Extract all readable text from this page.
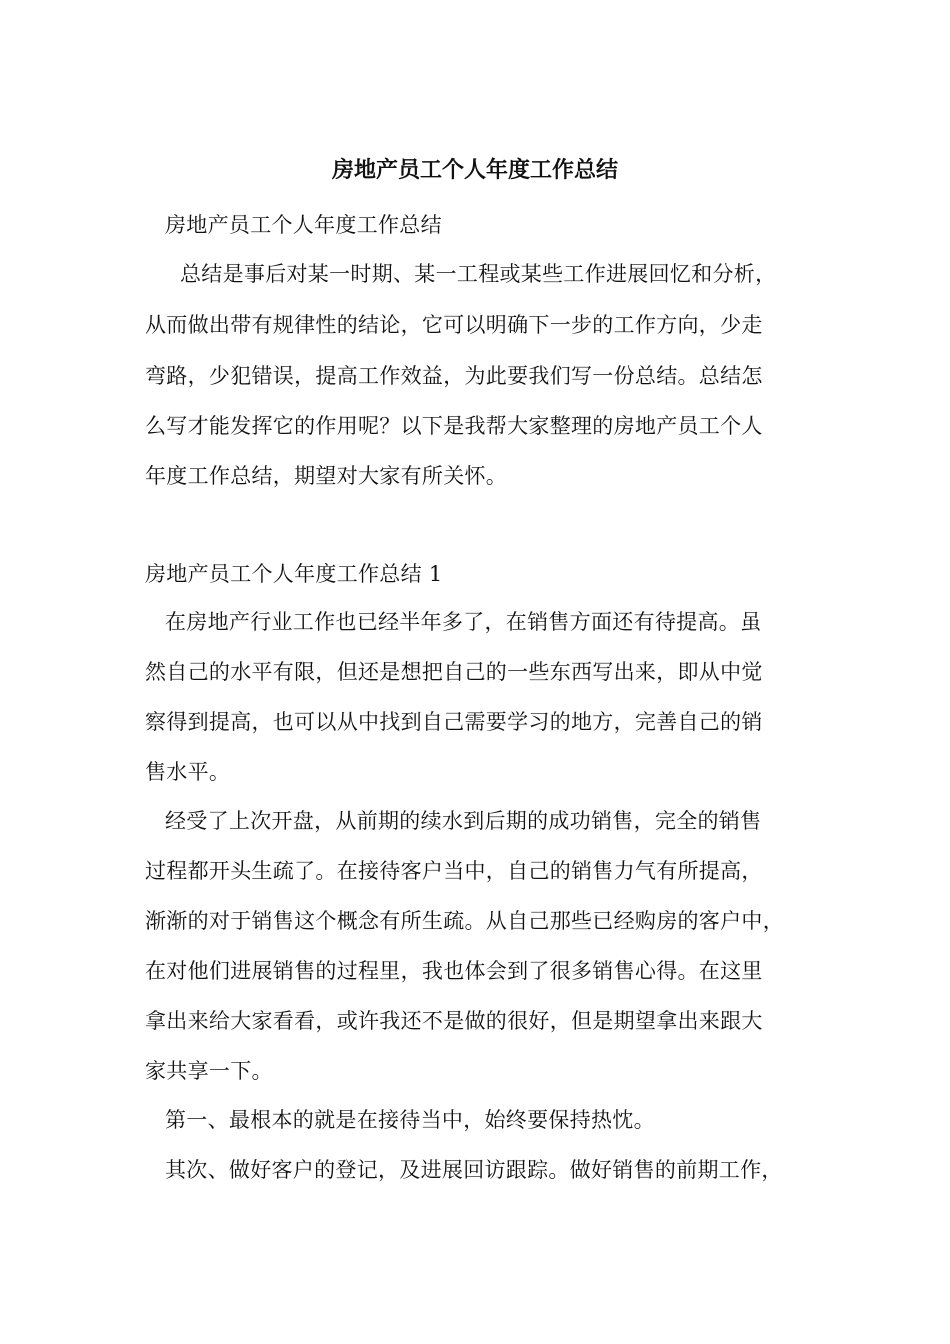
房地产员工个人年度工作总结
房地产员工个人年度工作总结
总结是事后对某一时期、某一工程或某些工作进展回忆和分析，
从而做出带有规律性的结论，它可以明确下一步的工作方向，少走
弯路，少犯错误，提高工作效益，为此要我们写一份总结。总结怎
么写才能发挥它的作用呢？以下是我帮大家整理的房地产员工个人
年度工作总结，期望对大家有所关怀。
房地产员工个人年度工作总结 1
在房地产行业工作也已经半年多了，在销售方面还有待提高。虽
然自己的水平有限，但还是想把自己的一些东西写出来，即从中觉
察得到提高，也可以从中找到自己需要学习的地方，完善自己的销
售水平。
经受了上次开盘，从前期的续水到后期的成功销售，完全的销售
过程都开头生疏了。在接待客户当中，自己的销售力气有所提高，
渐渐的对于销售这个概念有所生疏。从自己那些已经购房的客户中，
在对他们进展销售的过程里，我也体会到了很多销售心得。在这里
拿出来给大家看看，或许我还不是做的很好，但是期望拿出来跟大
家共享一下。
第一、最根本的就是在接待当中，始终要保持热忱。
其次、做好客户的登记，及进展回访跟踪。做好销售的前期工作，
